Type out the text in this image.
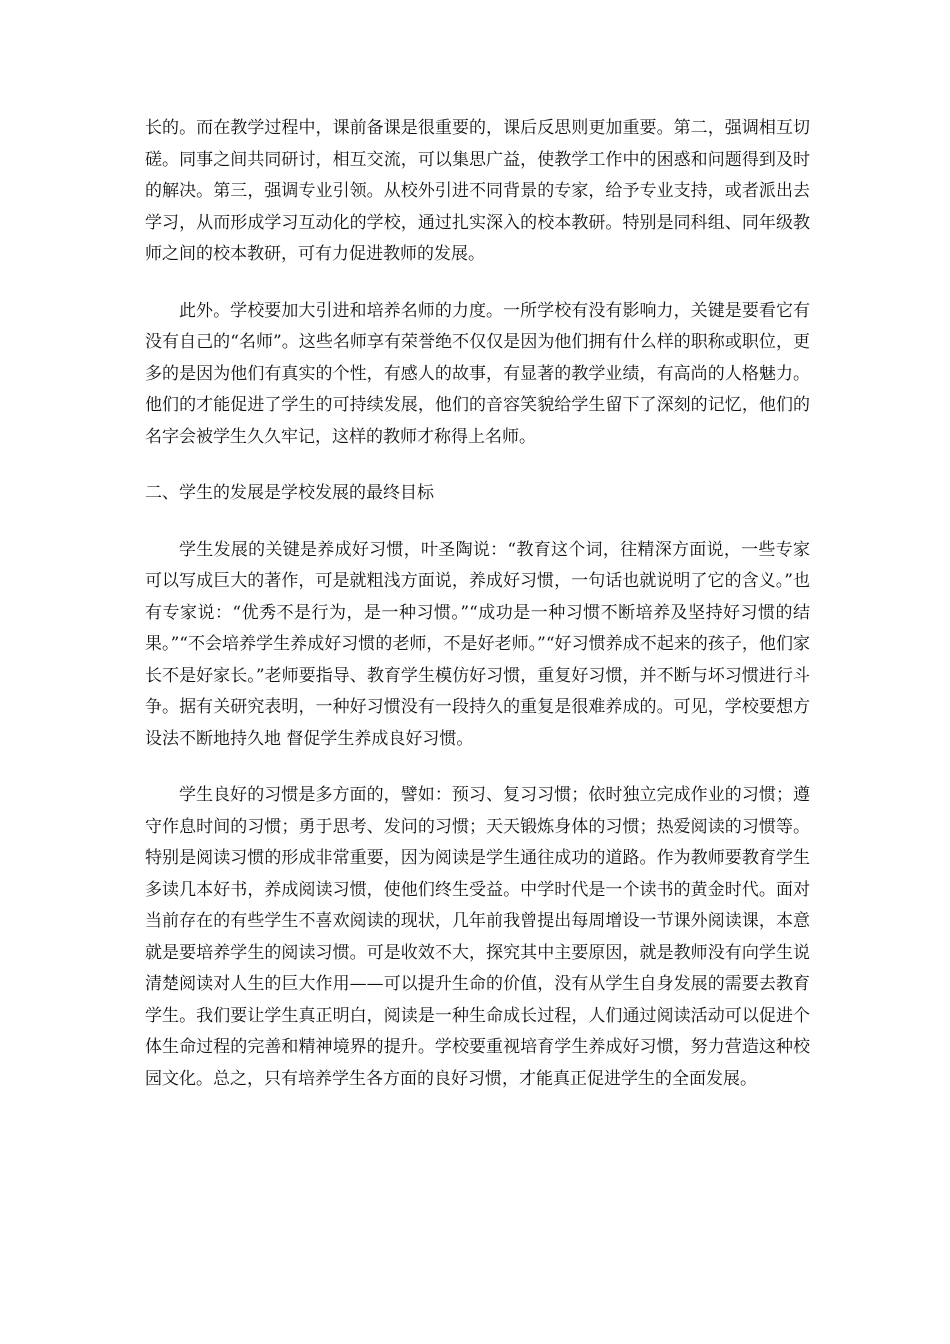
长的。而在教学过程中，课前备课是很重要的，课后反思则更加重要。第二，强调相互切磋。同事之间共同研讨，相互交流，可以集思广益，使教学工作中的困惑和问题得到及时的解决。第三，强调专业引领。从校外引进不同背景的专家，给予专业支持，或者派出去学习，从而形成学习互动化的学校，通过扎实深入的校本教研。特别是同科组、同年级教师之间的校本教研，可有力促进教师的发展。

此外。学校要加大引进和培养名师的力度。一所学校有没有影响力，关键是要看它有没有自己的“名师”。这些名师享有荣誉绝不仅仅是因为他们拥有什么样的职称或职位，更多的是因为他们有真实的个性，有感人的故事，有显著的教学业绩，有高尚的人格魅力。他们的才能促进了学生的可持续发展，他们的音容笑貌给学生留下了深刻的记忆，他们的名字会被学生久久牢记，这样的教师才称得上名师。

二、学生的发展是学校发展的最终目标

学生发展的关键是养成好习惯，叶圣陶说：“教育这个词，往精深方面说，一些专家可以写成巨大的著作，可是就粗浅方面说，养成好习惯，一句话也就说明了它的含义。”也有专家说：“优秀不是行为，是一种习惯。”“成功是一种习惯不断培养及坚持好习惯的结果。”“不会培养学生养成好习惯的老师，不是好老师。”“好习惯养成不起来的孩子，他们家长不是好家长。”老师要指导、教育学生模仿好习惯，重复好习惯，并不断与坏习惯进行斗争。据有关研究表明，一种好习惯没有一段持久的重复是很难养成的。可见，学校要想方设法不断地持久地 督促学生养成良好习惯。

学生良好的习惯是多方面的，譬如：预习、复习习惯；依时独立完成作业的习惯；遵守作息时间的习惯；勇于思考、发问的习惯；天天锻炼身体的习惯；热爱阅读的习惯等。特别是阅读习惯的形成非常重要，因为阅读是学生通往成功的道路。作为教师要教育学生多读几本好书，养成阅读习惯，使他们终生受益。中学时代是一个读书的黄金时代。面对当前存在的有些学生不喜欢阅读的现状，几年前我曾提出每周增设一节课外阅读课，本意就是要培养学生的阅读习惯。可是收效不大，探究其中主要原因，就是教师没有向学生说清楚阅读对人生的巨大作用——可以提升生命的价值，没有从学生自身发展的需要去教育学生。我们要让学生真正明白，阅读是一种生命成长过程，人们通过阅读活动可以促进个体生命过程的完善和精神境界的提升。学校要重视培育学生养成好习惯，努力营造这种校园文化。总之，只有培养学生各方面的良好习惯，才能真正促进学生的全面发展。
